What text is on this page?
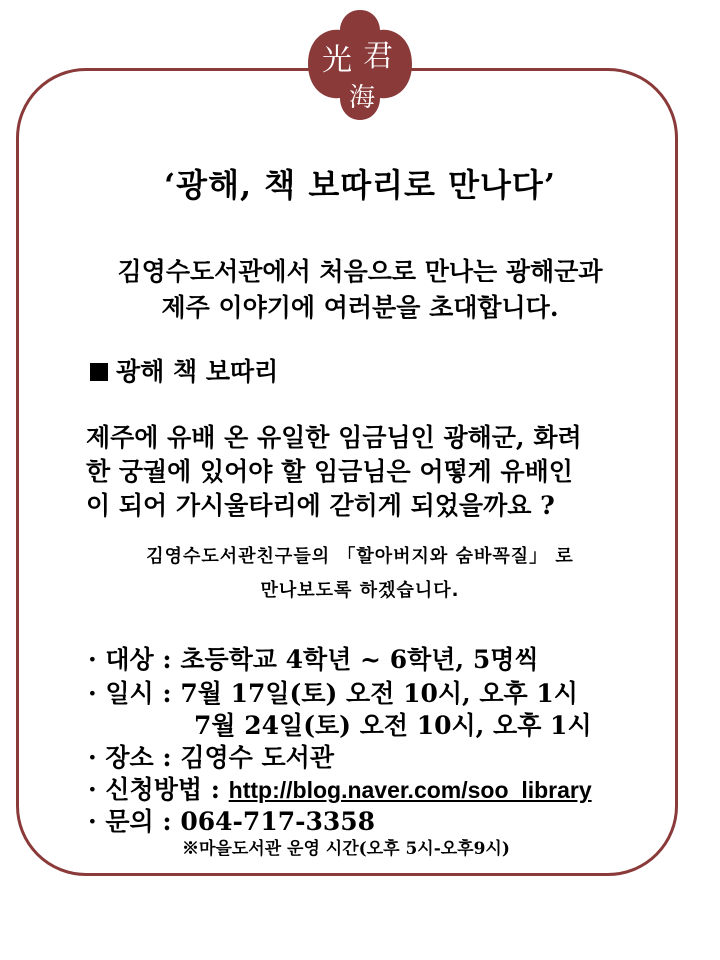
光 君
海
‘광해, 책 보따리로 만나다’
김영수도서관에서 처음으로 만나는 광해군과
제주 이야기에 여러분을 초대합니다.
광해 책 보따리
제주에 유배 온 유일한 임금님인 광해군, 화려
한 궁궐에 있어야 할 임금님은 어떻게 유배인
이 되어 가시울타리에 갇히게 되었을까요 ?
김영수도서관친구들의 「할아버지와 숨바꼭질」 로
만나보도록 하겠습니다.
· 대상 : 초등학교 4학년 ~ 6학년, 5명씩
· 일시 : 7월 17일(토) 오전 10시, 오후 1시
7월 24일(토) 오전 10시, 오후 1시
· 장소 : 김영수 도서관
· 신청방법 : http://blog.naver.com/soo_library
· 문의 : 064-717-3358
※마을도서관 운영 시간(오후 5시-오후9시)
